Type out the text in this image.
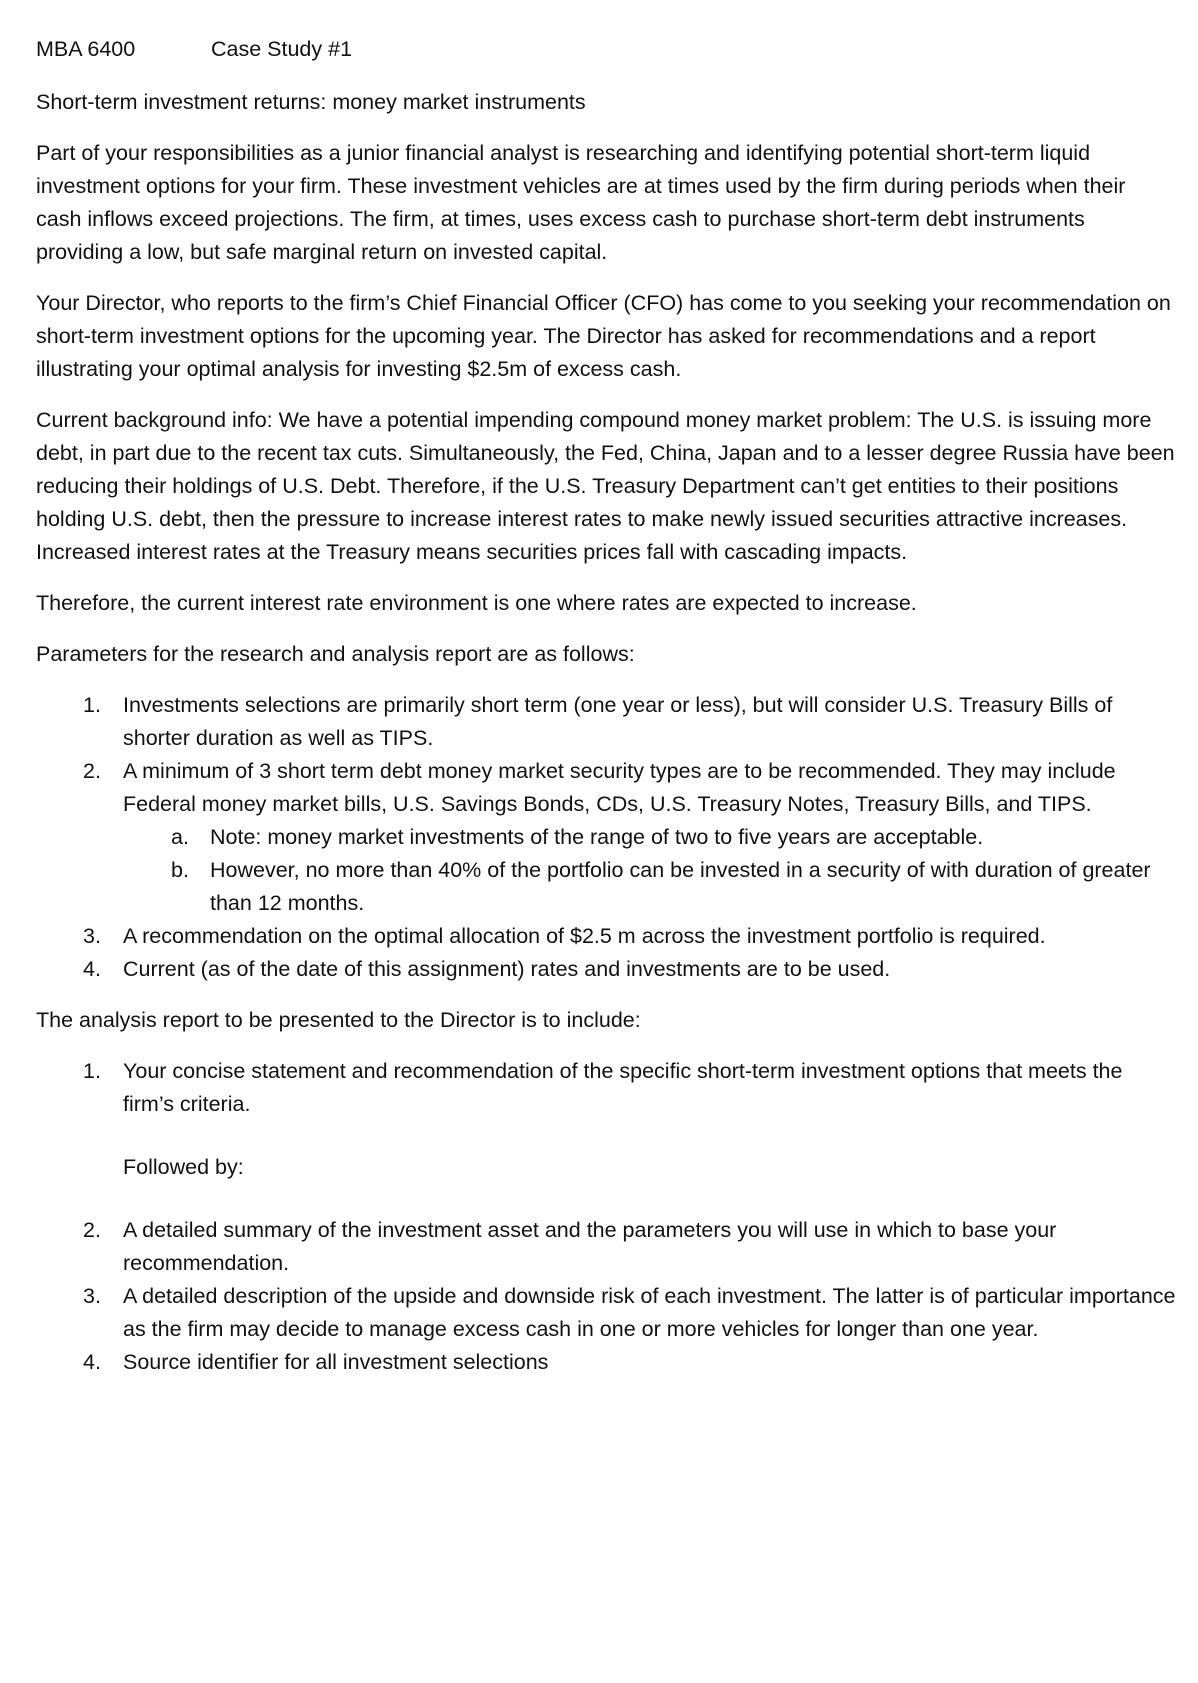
MBA 6400	Case Study #1

Short-term investment returns: money market instruments

Part of your responsibilities as a junior financial analyst is researching and identifying potential short-term liquid investment options for your firm. These investment vehicles are at times used by the firm during periods when their cash inflows exceed projections. The firm, at times, uses excess cash to purchase short-term debt instruments providing a low, but safe marginal return on invested capital.

Your Director, who reports to the firm’s Chief Financial Officer (CFO) has come to you seeking your recommendation on short-term investment options for the upcoming year. The Director has asked for recommendations and a report illustrating your optimal analysis for investing $2.5m of excess cash.

Current background info: We have a potential impending compound money market problem: The U.S. is issuing more debt, in part due to the recent tax cuts. Simultaneously, the Fed, China, Japan and to a lesser degree Russia have been reducing their holdings of U.S. Debt. Therefore, if the U.S. Treasury Department can’t get entities to their positions holding U.S. debt, then the pressure to increase interest rates to make newly issued securities attractive increases. Increased interest rates at the Treasury means securities prices fall with cascading impacts.

Therefore, the current interest rate environment is one where rates are expected to increase.

Parameters for the research and analysis report are as follows:

1. Investments selections are primarily short term (one year or less), but will consider U.S. Treasury Bills of shorter duration as well as TIPS.
2. A minimum of 3 short term debt money market security types are to be recommended. They may include Federal money market bills, U.S. Savings Bonds, CDs, U.S. Treasury Notes, Treasury Bills, and TIPS.
a. Note: money market investments of the range of two to five years are acceptable.
b. However, no more than 40% of the portfolio can be invested in a security of with duration of greater than 12 months.
3. A recommendation on the optimal allocation of $2.5 m across the investment portfolio is required.
4. Current (as of the date of this assignment) rates and investments are to be used.

The analysis report to be presented to the Director is to include:

1. Your concise statement and recommendation of the specific short-term investment options that meets the firm’s criteria.
Followed by:
2. A detailed summary of the investment asset and the parameters you will use in which to base your recommendation.
3. A detailed description of the upside and downside risk of each investment. The latter is of particular importance as the firm may decide to manage excess cash in one or more vehicles for longer than one year.
4. Source identifier for all investment selections
